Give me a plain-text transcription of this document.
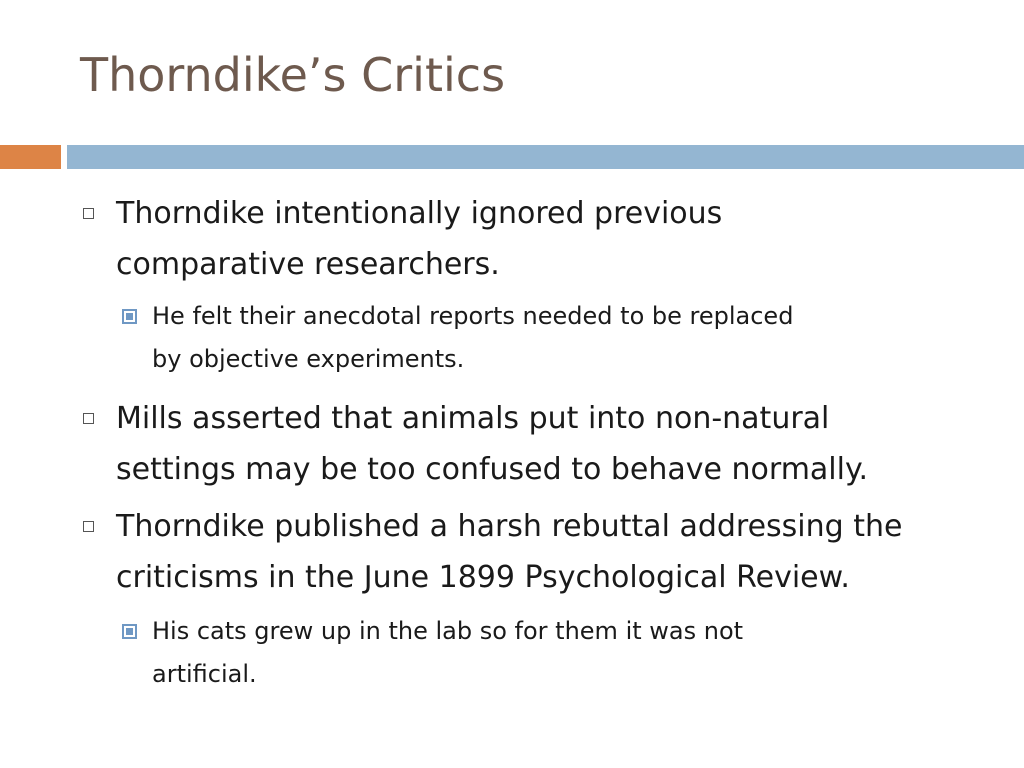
Thorndike’s Critics
Thorndike intentionally ignored previous
comparative researchers.
He felt their anecdotal reports needed to be replaced
by objective experiments.
Mills asserted that animals put into non-natural
settings may be too confused to behave normally.
Thorndike published a harsh rebuttal addressing the
criticisms in the June 1899 Psychological Review.
His cats grew up in the lab so for them it was not
artificial.
